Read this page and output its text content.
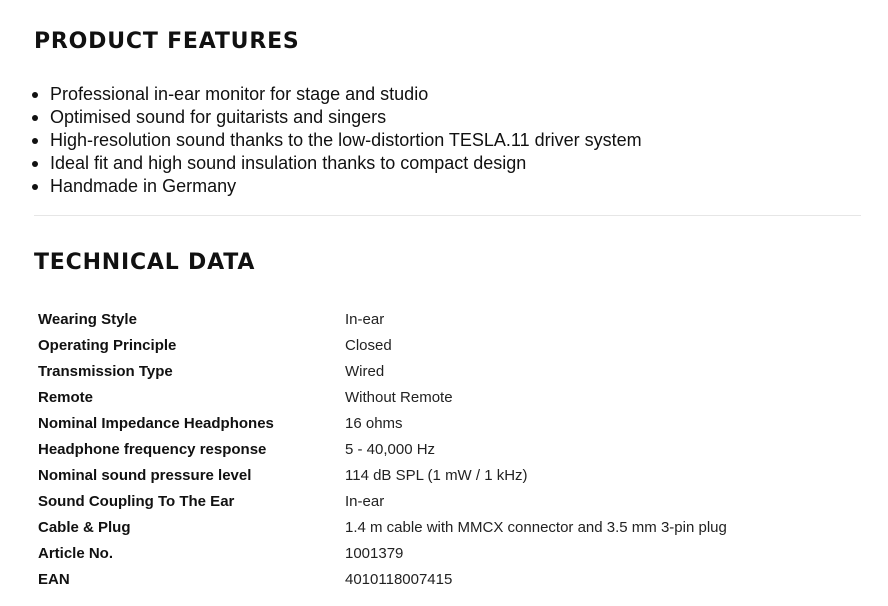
PRODUCT FEATURES
Professional in-ear monitor for stage and studio
Optimised sound for guitarists and singers
High-resolution sound thanks to the low-distortion TESLA.11 driver system
Ideal fit and high sound insulation thanks to compact design
Handmade in Germany
TECHNICAL DATA
Wearing Style	In-ear
Operating Principle	Closed
Transmission Type	Wired
Remote	Without Remote
Nominal Impedance Headphones	16 ohms
Headphone frequency response	5 - 40,000 Hz
Nominal sound pressure level	114 dB SPL (1 mW / 1 kHz)
Sound Coupling To The Ear	In-ear
Cable & Plug	1.4 m cable with MMCX connector and 3.5 mm 3-pin plug
Article No.	1001379
EAN	4010118007415
